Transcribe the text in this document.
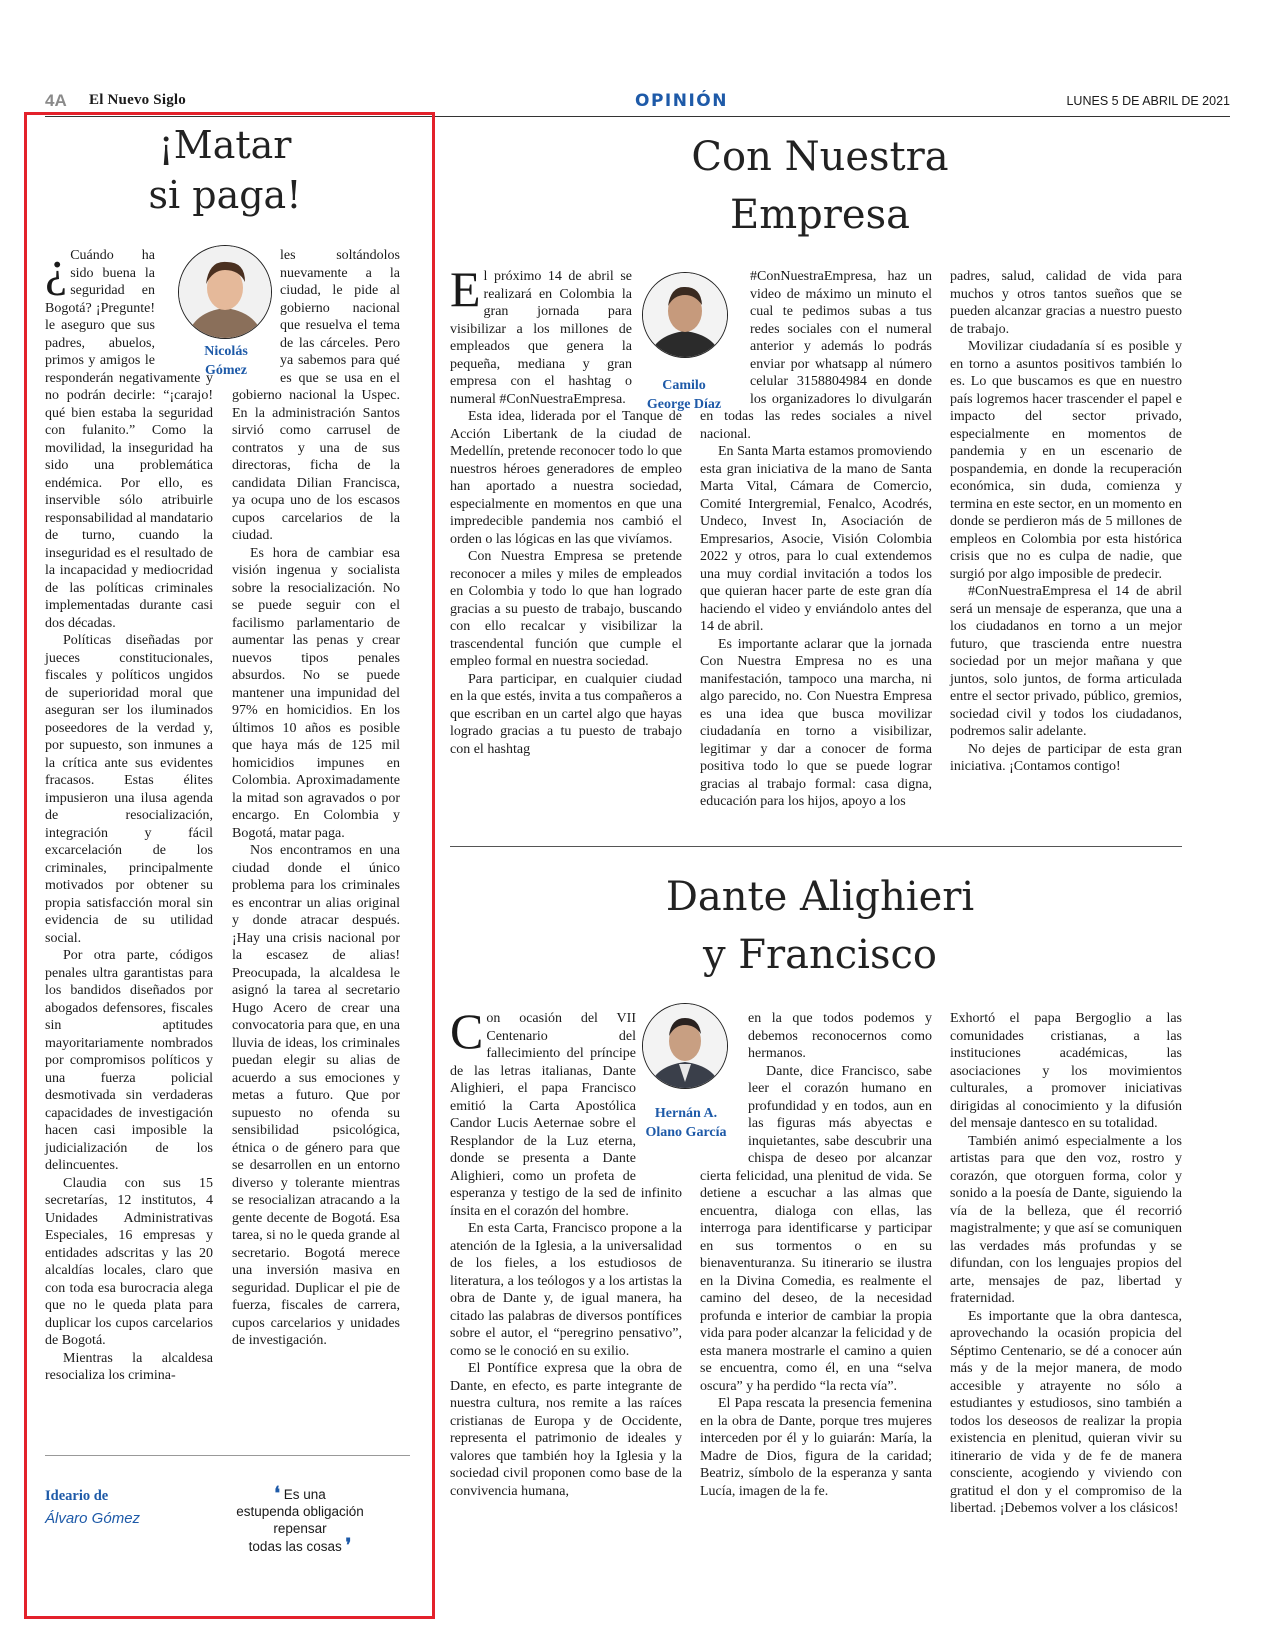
4A El Nuevo Siglo	OPINIÓN	LUNES 5 DE ABRIL DE 2021
¡Matar
si paga!
Nicolás
Gómez
¿ Cuándo ha sido buena la seguridad en Bogotá? ¡Pregunte! le aseguro que sus padres, abuelos, primos y amigos le responderán negativamente y no podrán decirle: “¡carajo! qué bien estaba la seguridad con fulanito.” Como la movilidad, la inseguridad ha sido una problemática endémica. Por ello, es inservible sólo atribuirle responsabilidad al mandatario de turno, cuando la inseguridad es el resultado de la incapacidad y mediocridad de las políticas criminales implementadas durante casi dos décadas.

Políticas diseñadas por jueces constitucionales, fiscales y políticos ungidos de superioridad moral que aseguran ser los iluminados poseedores de la verdad y, por supuesto, son inmunes a la crítica ante sus evidentes fracasos. Estas élites impusieron una ilusa agenda de resocialización, integración y fácil excarcelación de los criminales, principalmente motivados por obtener su propia satisfacción moral sin evidencia de su utilidad social.

Por otra parte, códigos penales ultra garantistas para los bandidos diseñados por abogados defensores, fiscales sin aptitudes mayoritariamente nombrados por compromisos políticos y una fuerza policial desmotivada sin verdaderas capacidades de investigación hacen casi imposible la judicialización de los delincuentes.

Claudia con sus 15 secretarías, 12 institutos, 4 Unidades Administrativas Especiales, 16 empresas y entidades adscritas y las 20 alcaldías locales, claro que con toda esa burocracia alega que no le queda plata para duplicar los cupos carcelarios de Bogotá.

Mientras la alcaldesa resocializa los crimina-

les soltándolos nuevamente a la ciudad, le pide al gobierno nacional que resuelva el tema de las cárceles. Pero ya sabemos para qué es que se usa en el gobierno nacional la Uspec. En la administración Santos sirvió como carrusel de contratos y una de sus directoras, ficha de la candidata Dilian Francisca, ya ocupa uno de los escasos cupos carcelarios de la ciudad.

Es hora de cambiar esa visión ingenua y socialista sobre la resocialización. No se puede seguir con el facilismo parlamentario de aumentar las penas y crear nuevos tipos penales absurdos. No se puede mantener una impunidad del 97% en homicidios. En los últimos 10 años es posible que haya más de 125 mil homicidios impunes en Colombia. Aproximadamente la mitad son agravados o por encargo. En Colombia y Bogotá, matar paga.

Nos encontramos en una ciudad donde el único problema para los criminales es encontrar un alias original y donde atracar después. ¡Hay una crisis nacional por la escasez de alias! Preocupada, la alcaldesa le asignó la tarea al secretario Hugo Acero de crear una convocatoria para que, en una lluvia de ideas, los criminales puedan elegir su alias de acuerdo a sus emociones y metas a futuro. Que por supuesto no ofenda su sensibilidad psicológica, étnica o de género para que se desarrollen en un entorno diverso y tolerante mientras se resocializan atracando a la gente decente de Bogotá. Esa tarea, si no le queda grande al secretario. Bogotá merece una inversión masiva en seguridad. Duplicar el pie de fuerza, fiscales de carrera, cupos carcelarios y unidades de investigación.

Ideario de
Álvaro Gómez
❛ Es una
estupenda obligación
repensar
todas las cosas ❜
Con Nuestra
Empresa
Camilo
George Díaz
E l próximo 14 de abril se realizará en Colombia la gran jornada para visibilizar a los millones de empleados que genera la pequeña, mediana y gran empresa con el hashtag o numeral #ConNuestraEmpresa.

Esta idea, liderada por el Tanque de Acción Libertank de la ciudad de Medellín, pretende reconocer todo lo que nuestros héroes generadores de empleo han aportado a nuestra sociedad, especialmente en momentos en que una impredecible pandemia nos cambió el orden o las lógicas en las que vivíamos.

Con Nuestra Empresa se pretende reconocer a miles y miles de empleados en Colombia y todo lo que han logrado gracias a su puesto de trabajo, buscando con ello recalcar y visibilizar la trascendental función que cumple el empleo formal en nuestra sociedad.

Para participar, en cualquier ciudad en la que estés, invita a tus compañeros a que escriban en un cartel algo que hayas logrado gracias a tu puesto de trabajo con el hashtag

#ConNuestraEmpresa, haz un video de máximo un minuto el cual te pedimos subas a tus redes sociales con el numeral anterior y además lo podrás enviar por whatsapp al número celular 3158804984 en donde los organizadores lo divulgarán en todas las redes sociales a nivel nacional.

En Santa Marta estamos promoviendo esta gran iniciativa de la mano de Santa Marta Vital, Cámara de Comercio, Comité Intergremial, Fenalco, Acodrés, Undeco, Invest In, Asociación de Empresarios, Asocie, Visión Colombia 2022 y otros, para lo cual extendemos una muy cordial invitación a todos los que quieran hacer parte de este gran día haciendo el video y enviándolo antes del 14 de abril.

Es importante aclarar que la jornada Con Nuestra Empresa no es una manifestación, tampoco una marcha, ni algo parecido, no. Con Nuestra Empresa es una idea que busca movilizar ciudadanía en torno a visibilizar, legitimar y dar a conocer de forma positiva todo lo que se puede lograr gracias al trabajo formal: casa digna, educación para los hijos, apoyo a los

padres, salud, calidad de vida para muchos y otros tantos sueños que se pueden alcanzar gracias a nuestro puesto de trabajo.

Movilizar ciudadanía sí es posible y en torno a asuntos positivos también lo es. Lo que buscamos es que en nuestro país logremos hacer trascender el papel e impacto del sector privado, especialmente en momentos de pandemia y en un escenario de pospandemia, en donde la recuperación económica, sin duda, comienza y termina en este sector, en un momento en donde se perdieron más de 5 millones de empleos en Colombia por esta histórica crisis que no es culpa de nadie, que surgió por algo imposible de predecir.

#ConNuestraEmpresa el 14 de abril será un mensaje de esperanza, que una a los ciudadanos en torno a un mejor futuro, que trascienda entre nuestra sociedad por un mejor mañana y que juntos, solo juntos, de forma articulada entre el sector privado, público, gremios, sociedad civil y todos los ciudadanos, podremos salir adelante.

No dejes de participar de esta gran iniciativa. ¡Contamos contigo!

Dante Alighieri
y Francisco
Hernán A.
Olano García
C on ocasión del VII Centenario del fallecimiento del príncipe de las letras italianas, Dante Alighieri, el papa Francisco emitió la Carta Apostólica Candor Lucis Aeternae sobre el Resplandor de la Luz eterna, donde se presenta a Dante Alighieri, como un profeta de esperanza y testigo de la sed de infinito ínsita en el corazón del hombre.

En esta Carta, Francisco propone a la atención de la Iglesia, a la universalidad de los fieles, a los estudiosos de literatura, a los teólogos y a los artistas la obra de Dante y, de igual manera, ha citado las palabras de diversos pontífices sobre el autor, el “peregrino pensativo”, como se le conoció en su exilio.

El Pontífice expresa que la obra de Dante, en efecto, es parte integrante de nuestra cultura, nos remite a las raíces cristianas de Europa y de Occidente, representa el patrimonio de ideales y valores que también hoy la Iglesia y la sociedad civil proponen como base de la convivencia humana,

en la que todos podemos y debemos reconocernos como hermanos.

Dante, dice Francisco, sabe leer el corazón humano en profundidad y en todos, aun en las figuras más abyectas e inquietantes, sabe descubrir una chispa de deseo por alcanzar cierta felicidad, una plenitud de vida. Se detiene a escuchar a las almas que encuentra, dialoga con ellas, las interroga para identificarse y participar en sus tormentos o en su bienaventuranza. Su itinerario se ilustra en la Divina Comedia, es realmente el camino del deseo, de la necesidad profunda e interior de cambiar la propia vida para poder alcanzar la felicidad y de esta manera mostrarle el camino a quien se encuentra, como él, en una “selva oscura” y ha perdido “la recta vía”.

El Papa rescata la presencia femenina en la obra de Dante, porque tres mujeres interceden por él y lo guiarán: María, la Madre de Dios, figura de la caridad; Beatriz, símbolo de la esperanza y santa Lucía, imagen de la fe.

Exhortó el papa Bergoglio a las comunidades cristianas, a las instituciones académicas, las asociaciones y los movimientos culturales, a promover iniciativas dirigidas al conocimiento y la difusión del mensaje dantesco en su totalidad.

También animó especialmente a los artistas para que den voz, rostro y corazón, que otorguen forma, color y sonido a la poesía de Dante, siguiendo la vía de la belleza, que él recorrió magistralmente; y que así se comuniquen las verdades más profundas y se difundan, con los lenguajes propios del arte, mensajes de paz, libertad y fraternidad.

Es importante que la obra dantesca, aprovechando la ocasión propicia del Séptimo Centenario, se dé a conocer aún más y de la mejor manera, de modo accesible y atrayente no sólo a estudiantes y estudiosos, sino también a todos los deseosos de realizar la propia existencia en plenitud, quieran vivir su itinerario de vida y de fe de manera consciente, acogiendo y viviendo con gratitud el don y el compromiso de la libertad. ¡Debemos volver a los clásicos!
